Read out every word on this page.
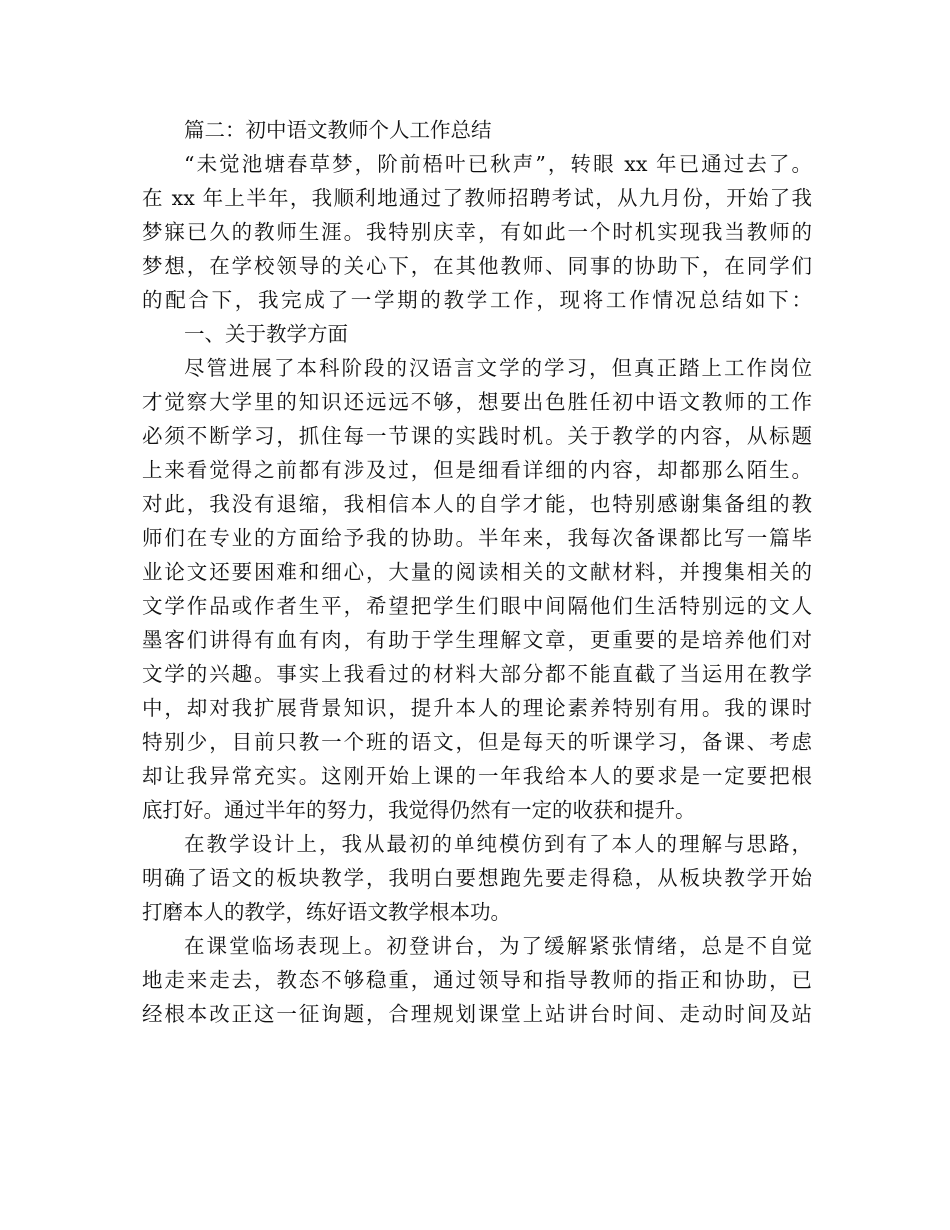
篇二：初中语文教师个人工作总结
“未觉池塘春草梦，阶前梧叶已秋声”，转眼 xx 年已通过去了。
在 xx 年上半年，我顺利地通过了教师招聘考试，从九月份，开始了我
梦寐已久的教师生涯。我特别庆幸，有如此一个时机实现我当教师的
梦想，在学校领导的关心下，在其他教师、同事的协助下，在同学们
的配合下，我完成了一学期的教学工作，现将工作情况总结如下：
一、关于教学方面
尽管进展了本科阶段的汉语言文学的学习，但真正踏上工作岗位
才觉察大学里的知识还远远不够，想要出色胜任初中语文教师的工作
必须不断学习，抓住每一节课的实践时机。关于教学的内容，从标题
上来看觉得之前都有涉及过，但是细看详细的内容，却都那么陌生。
对此，我没有退缩，我相信本人的自学才能，也特别感谢集备组的教
师们在专业的方面给予我的协助。半年来，我每次备课都比写一篇毕
业论文还要困难和细心，大量的阅读相关的文献材料，并搜集相关的
文学作品或作者生平，希望把学生们眼中间隔他们生活特别远的文人
墨客们讲得有血有肉，有助于学生理解文章，更重要的是培养他们对
文学的兴趣。事实上我看过的材料大部分都不能直截了当运用在教学
中，却对我扩展背景知识，提升本人的理论素养特别有用。我的课时
特别少，目前只教一个班的语文，但是每天的听课学习，备课、考虑
却让我异常充实。这刚开始上课的一年我给本人的要求是一定要把根
底打好。通过半年的努力，我觉得仍然有一定的收获和提升。
在教学设计上，我从最初的单纯模仿到有了本人的理解与思路，
明确了语文的板块教学，我明白要想跑先要走得稳，从板块教学开始
打磨本人的教学，练好语文教学根本功。
在课堂临场表现上。初登讲台，为了缓解紧张情绪，总是不自觉
地走来走去，教态不够稳重，通过领导和指导教师的指正和协助，已
经根本改正这一征询题，合理规划课堂上站讲台时间、走动时间及站
